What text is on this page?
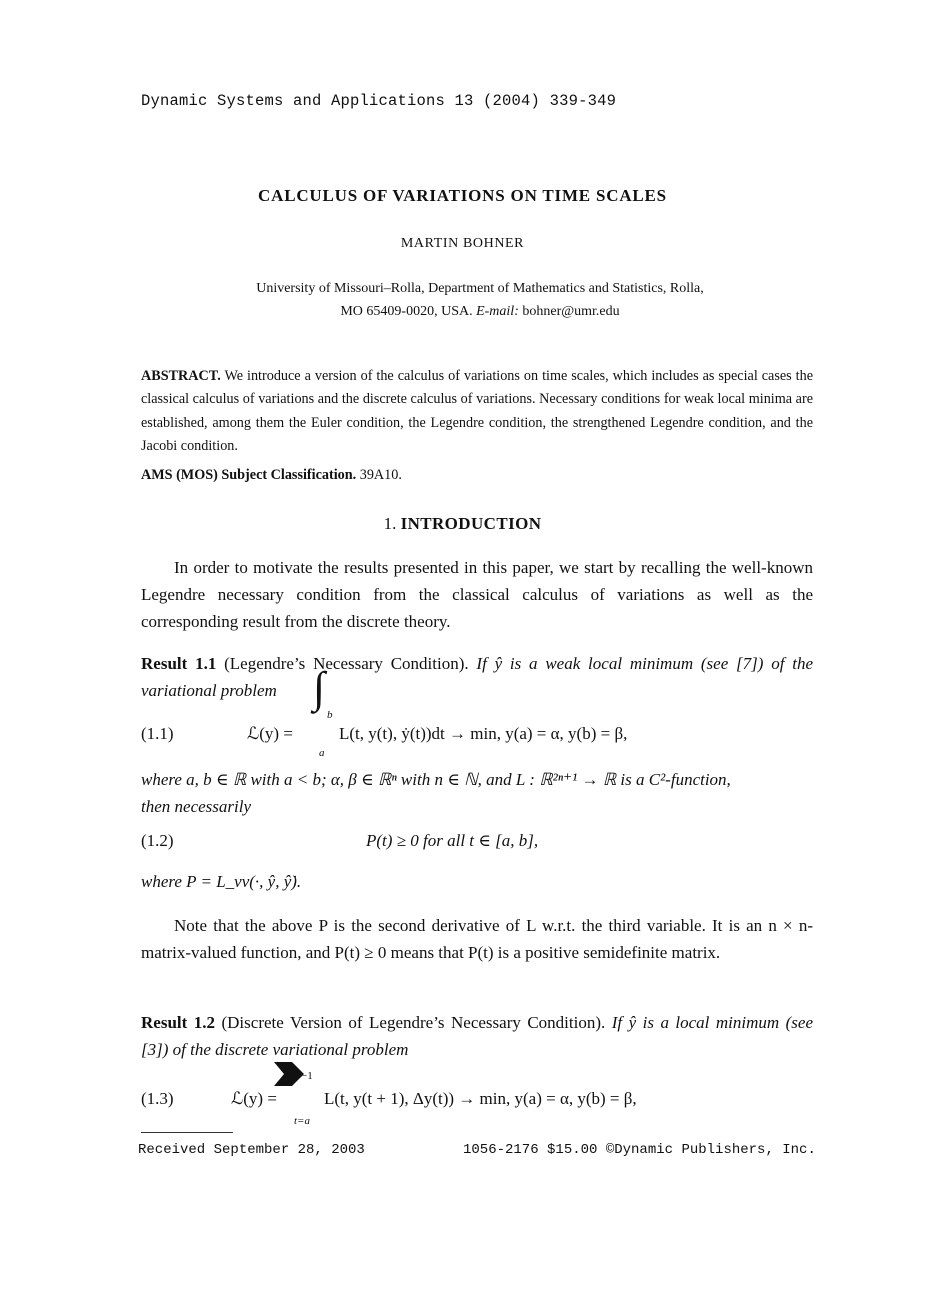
Dynamic Systems and Applications 13 (2004) 339-349
CALCULUS OF VARIATIONS ON TIME SCALES
MARTIN BOHNER
University of Missouri–Rolla, Department of Mathematics and Statistics, Rolla,
MO 65409-0020, USA. E-mail: bohner@umr.edu
ABSTRACT. We introduce a version of the calculus of variations on time scales, which includes as special cases the classical calculus of variations and the discrete calculus of variations. Necessary conditions for weak local minima are established, among them the Euler condition, the Legendre condition, the strengthened Legendre condition, and the Jacobi condition.
AMS (MOS) Subject Classification. 39A10.
1. INTRODUCTION
In order to motivate the results presented in this paper, we start by recalling the well-known Legendre necessary condition from the classical calculus of variations as well as the corresponding result from the discrete theory.
Result 1.1 (Legendre’s Necessary Condition). If ŷ is a weak local minimum (see [7]) of the variational problem
(1.1)	ℒ(y) =
∫
b
a
L(t, y(t), ẏ(t))dt → min, y(a) = α, y(b) = β,
where a, b ∈ ℝ with a < b; α, β ∈ ℝⁿ with n ∈ ℕ, and L : ℝ²ⁿ⁺¹ → ℝ is a C²-function,
then necessarily
(1.2)	P(t) ≥ 0 for all t ∈ [a, b],
where P = L_vv(·, ŷ, ŷ̇).
Note that the above P is the second derivative of L w.r.t. the third variable. It is an n × n-matrix-valued function, and P(t) ≥ 0 means that P(t) is a positive semidefinite matrix.
Result 1.2 (Discrete Version of Legendre’s Necessary Condition). If ŷ is a local minimum (see [3]) of the discrete variational problem
(1.3)	ℒ(y) =
−1
t=a
L(t, y(t + 1), Δy(t)) → min, y(a) = α, y(b) = β,
Received September 28, 2003	1056-2176 $15.00 ©Dynamic Publishers, Inc.
